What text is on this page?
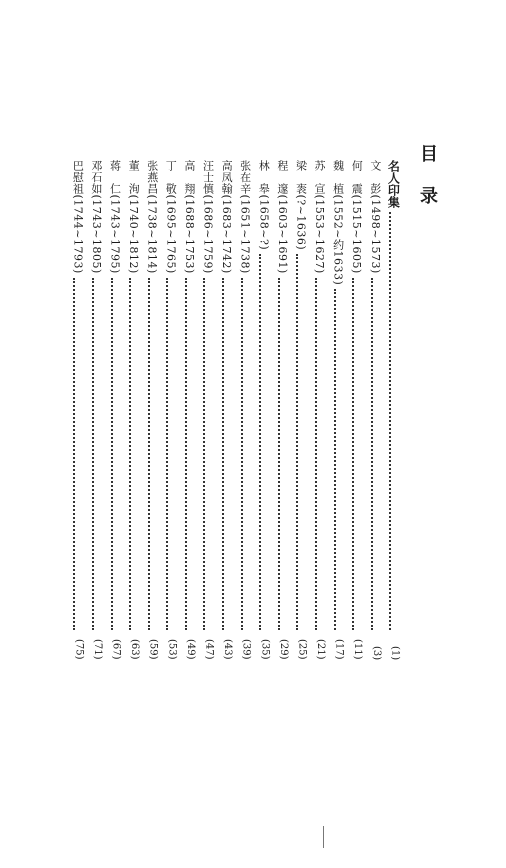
目
录
名人印集
(1)
文　彭(1498~1573)
(3)
何　震(1515~1605)
(11)
魏　植(1552~约1633)
(17)
苏　宣(1553~1627)
(21)
梁　袠(?~1636)
(25)
程　邃(1603~1691)
(29)
林　皋(1658~?)
(35)
张在辛(1651~1738)
(39)
高凤翰(1683~1742)
(43)
汪士慎(1686~1759)
(47)
高　翔(1688~1753)
(49)
丁　敬(1695~1765)
(53)
张燕昌(1738~1814)
(59)
董　洵(1740~1812)
(63)
蒋　仁(1743~1795)
(67)
邓石如(1743~1805)
(71)
巴慰祖(1744~1793)
(75)
